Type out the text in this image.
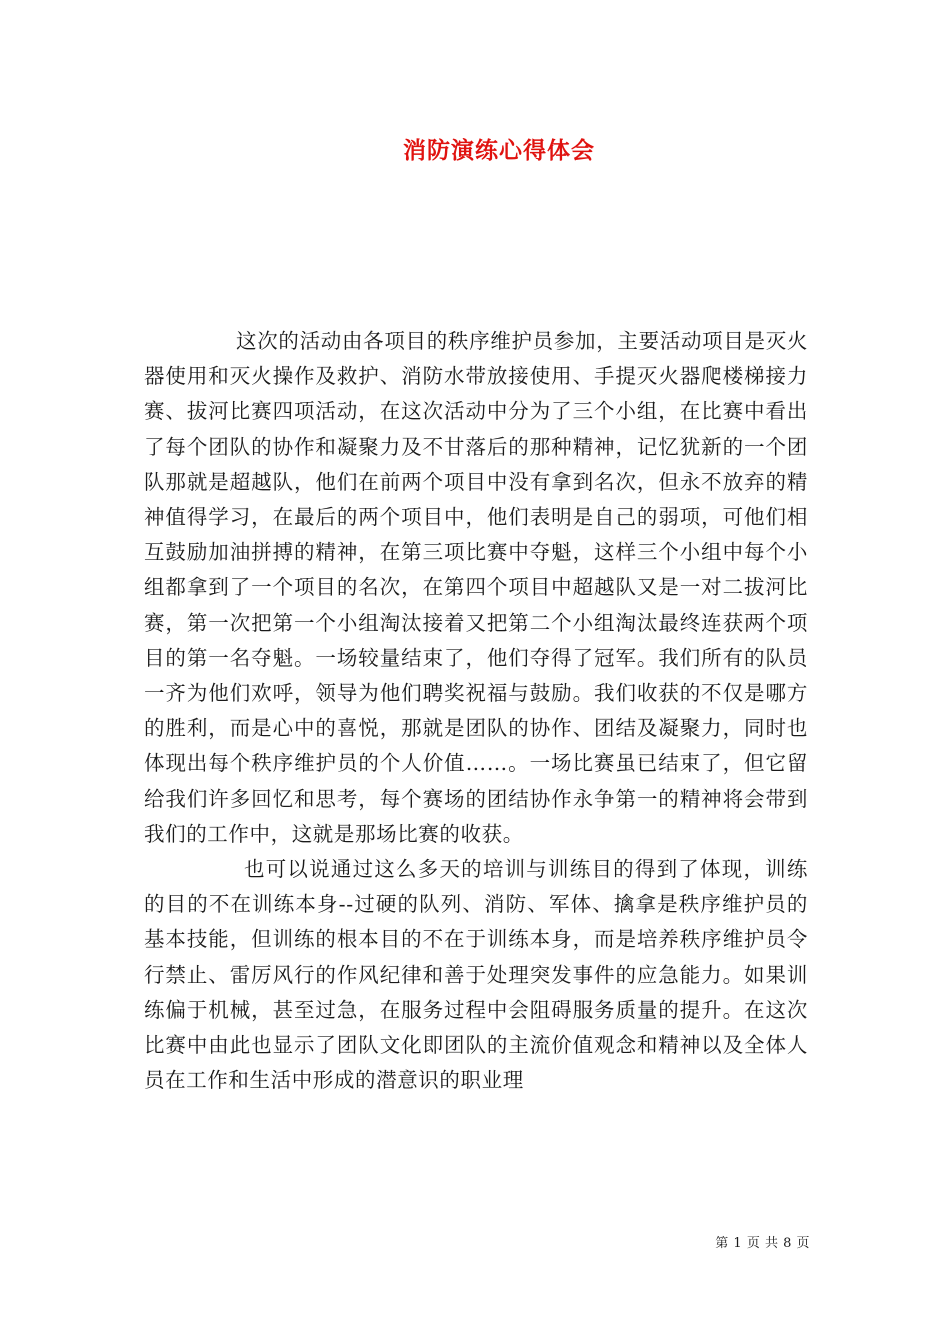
消防演练心得体会

这次的活动由各项目的秩序维护员参加，主要活动项目是灭火器使用和灭火操作及救护、消防水带放接使用、手提灭火器爬楼梯接力赛、拔河比赛四项活动，在这次活动中分为了三个小组，在比赛中看出了每个团队的协作和凝聚力及不甘落后的那种精神，记忆犹新的一个团队那就是超越队，他们在前两个项目中没有拿到名次，但永不放弃的精神值得学习，在最后的两个项目中，他们表明是自己的弱项，可他们相互鼓励加油拼搏的精神，在第三项比赛中夺魁，这样三个小组中每个小组都拿到了一个项目的名次，在第四个项目中超越队又是一对二拔河比赛，第一次把第一个小组淘汰接着又把第二个小组淘汰最终连获两个项目的第一名夺魁。一场较量结束了，他们夺得了冠军。我们所有的队员一齐为他们欢呼，领导为他们聘奖祝福与鼓励。我们收获的不仅是哪方的胜利，而是心中的喜悦，那就是团队的协作、团结及凝聚力，同时也体现出每个秩序维护员的个人价值……。一场比赛虽已结束了，但它留给我们许多回忆和思考，每个赛场的团结协作永争第一的精神将会带到我们的工作中，这就是那场比赛的收获。

也可以说通过这么多天的培训与训练目的得到了体现，训练的目的不在训练本身--过硬的队列、消防、军体、擒拿是秩序维护员的基本技能，但训练的根本目的不在于训练本身，而是培养秩序维护员令行禁止、雷厉风行的作风纪律和善于处理突发事件的应急能力。如果训练偏于机械，甚至过急，在服务过程中会阻碍服务质量的提升。在这次比赛中由此也显示了团队文化即团队的主流价值观念和精神以及全体人员在工作和生活中形成的潜意识的职业理

第 1 页 共 8 页
